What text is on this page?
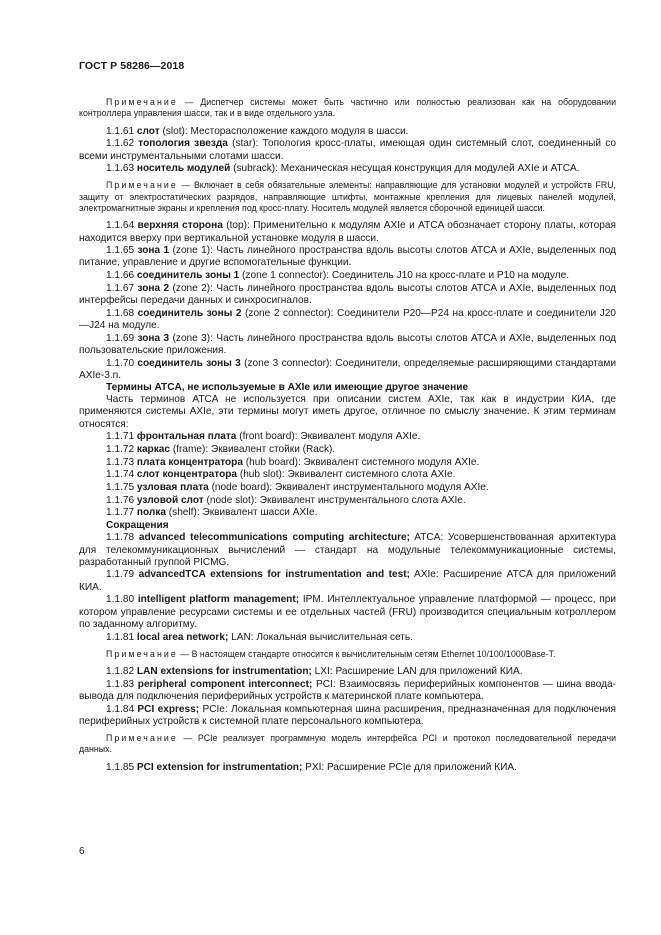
ГОСТ Р 58286—2018

Примечание — Диспетчер системы может быть частично или полностью реализован как на оборудовании контроллера управления шасси, так и в виде отдельного узла.

1.1.61 слот (slot): Месторасположение каждого модуля в шасси.

1.1.62 топология звезда (star): Топология кросс-платы, имеющая один системный слот, соединенный со всеми инструментальными слотами шасси.

1.1.63 носитель модулей (subrack): Механическая несущая конструкция для модулей AXIe и ATCA.

Примечание — Включает в себя обязательные элементы: направляющие для установки модулей и устройств FRU, защиту от электростатических разрядов, направляющие штифты, монтажные крепления для лицевых панелей модулей, электромагнитные экраны и крепления под кросс-плату. Носитель модулей является сборочной единицей шасси.

1.1.64 верхняя сторона (top): Применительно к модулям AXIe и ATCA обозначает сторону платы, которая находится вверху при вертикальной установке модуля в шасси.

1.1.65 зона 1 (zone 1): Часть линейного пространства вдоль высоты слотов ATCA и AXIe, выделенных под питание, управление и другие вспомогательные функции.

1.1.66 соединитель зоны 1 (zone 1 connector): Соединитель J10 на кросс-плате и P10 на модуле.

1.1.67 зона 2 (zone 2): Часть линейного пространства вдоль высоты слотов ATCA и AXIe, выделенных под интерфейсы передачи данных и синхросигналов.

1.1.68 соединитель зоны 2 (zone 2 connector): Соединители P20—P24 на кросс-плате и соединители J20—J24 на модуле.

1.1.69 зона 3 (zone 3): Часть линейного пространства вдоль высоты слотов ATCA и AXIe, выделенных под пользовательские приложения.

1.1.70 соединитель зоны 3 (zone 3 connector): Соединители, определяемые расширяющими стандартами AXIe-3.n.

Термины ATCA, не используемые в AXIe или имеющие другое значение

Часть терминов ATCA не используется при описании систем AXIe, так как в индустрии КИА, где применяются системы AXIe, эти термины могут иметь другое, отличное по смыслу значение. К этим терминам относятся:

1.1.71 фронтальная плата (front board): Эквивалент модуля AXIe.

1.1.72 каркас (frame): Эквивалент стойки (Rack).

1.1.73 плата концентратора (hub board): Эквивалент системного модуля AXIe.

1.1.74 слот концентратора (hub slot): Эквивалент системного слота AXIe.

1.1.75 узловая плата (node board): Эквивалент инструментального модуля AXIe.

1.1.76 узловой слот (node slot): Эквивалент инструментального слота AXIe.

1.1.77 полка (shelf): Эквивалент шасси AXIe.

Сокращения

1.1.78 advanced telecommunications computing architecture; ATCA: Усовершенствованная архитектура для телекоммуникационных вычислений — стандарт на модульные телекоммуникационные системы, разработанный группой PICMG.

1.1.79 advancedTCA extensions for instrumentation and test; AXIe: Расширение ATCA для приложений КИА.

1.1.80 intelligent platform management; IPM. Интеллектуальное управление платформой — процесс, при котором управление ресурсами системы и ее отдельных частей (FRU) производится специальным котроллером по заданному алгоритму.

1.1.81 local area network; LAN: Локальная вычислительная сеть.

Примечание — В настоящем стандарте относится к вычислительным сетям Ethernet 10/100/1000Base-T.

1.1.82 LAN extensions for instrumentation; LXI: Расширение LAN для приложений КИА.

1.1.83 peripheral component interconnect; PCI: Взаимосвязь периферийных компонентов — шина ввода-вывода для подключения периферийных устройств к материнской плате компьютера.

1.1.84 PCI express; PCIe: Локальная компьютерная шина расширения, предназначенная для подключения периферийных устройств к системной плате персонального компьютера.

Примечание — PCIe реализует программную модель интерфейса PCI и протокол последовательной передачи данных.

1.1.85 PCI extension for instrumentation; PXI: Расширение PCIe для приложений КИА.

6
